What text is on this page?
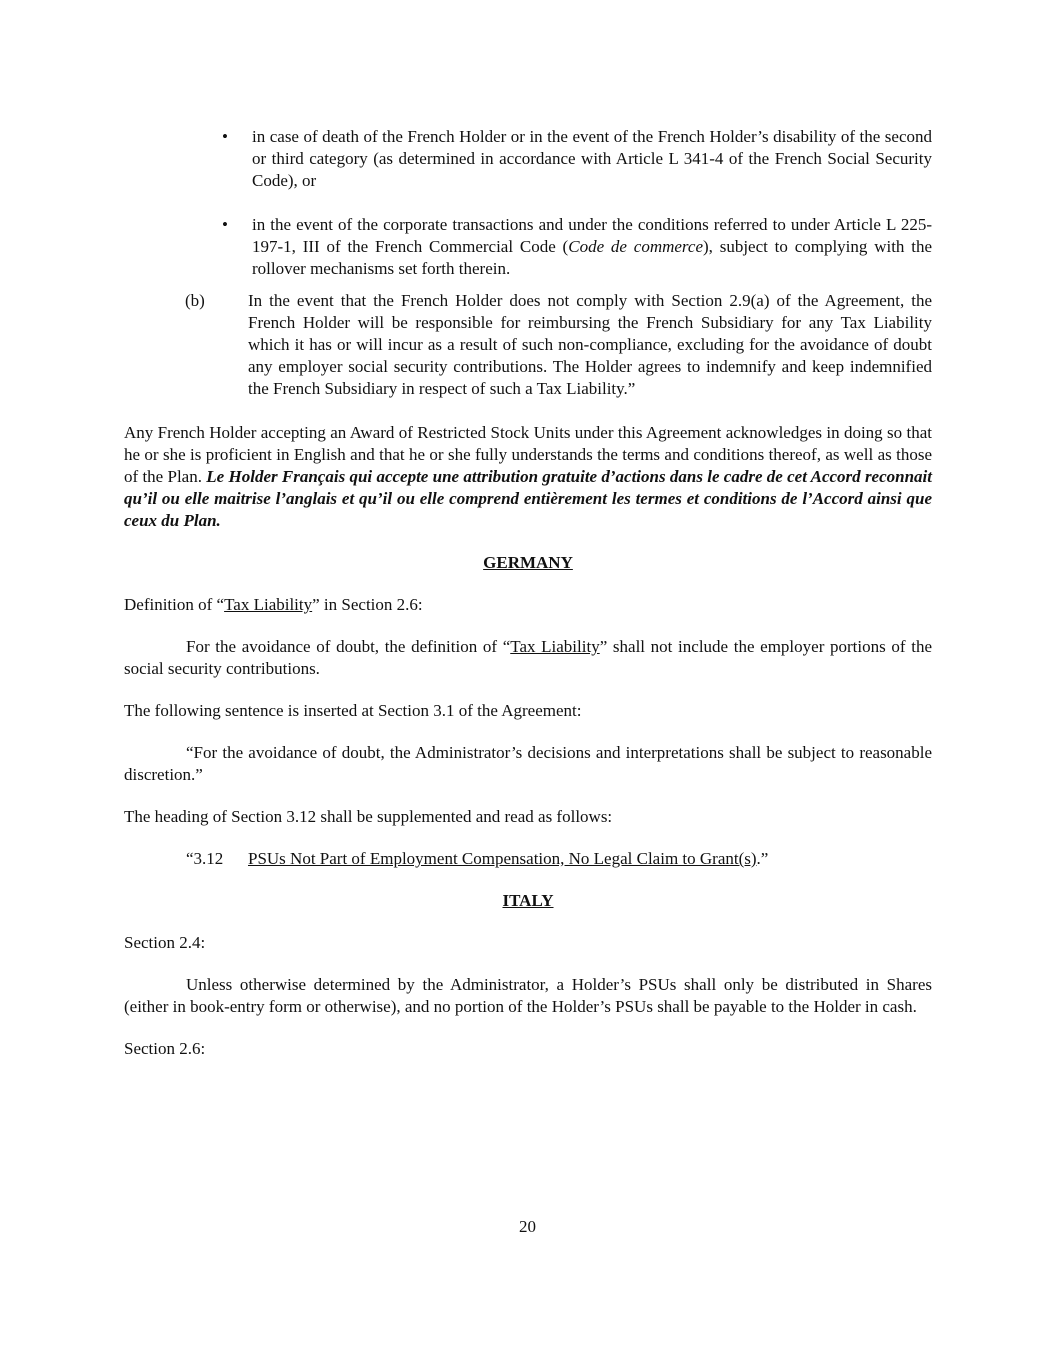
• in case of death of the French Holder or in the event of the French Holder’s disability of the second or third category (as determined in accordance with Article L 341-4 of the French Social Security Code), or
• in the event of the corporate transactions and under the conditions referred to under Article L 225-197-1, III of the French Commercial Code (Code de commerce), subject to complying with the rollover mechanisms set forth therein.
(b)	In the event that the French Holder does not comply with Section 2.9(a) of the Agreement, the French Holder will be responsible for reimbursing the French Subsidiary for any Tax Liability which it has or will incur as a result of such non-compliance, excluding for the avoidance of doubt any employer social security contributions. The Holder agrees to indemnify and keep indemnified the French Subsidiary in respect of such a Tax Liability.”

Any French Holder accepting an Award of Restricted Stock Units under this Agreement acknowledges in doing so that he or she is proficient in English and that he or she fully understands the terms and conditions thereof, as well as those of the Plan. Le Holder Français qui accepte une attribution gratuite d’actions dans le cadre de cet Accord reconnait qu’il ou elle maitrise l’anglais et qu’il ou elle comprend entièrement les termes et conditions de l’Accord ainsi que ceux du Plan.

GERMANY

Definition of “Tax Liability” in Section 2.6:

For the avoidance of doubt, the definition of “Tax Liability” shall not include the employer portions of the social security contributions.

The following sentence is inserted at Section 3.1 of the Agreement:

“For the avoidance of doubt, the Administrator’s decisions and interpretations shall be subject to reasonable discretion.”

The heading of Section 3.12 shall be supplemented and read as follows:

“3.12 PSUs Not Part of Employment Compensation, No Legal Claim to Grant(s).”

ITALY

Section 2.4:

Unless otherwise determined by the Administrator, a Holder’s PSUs shall only be distributed in Shares (either in book-entry form or otherwise), and no portion of the Holder’s PSUs shall be payable to the Holder in cash.

Section 2.6:

20
